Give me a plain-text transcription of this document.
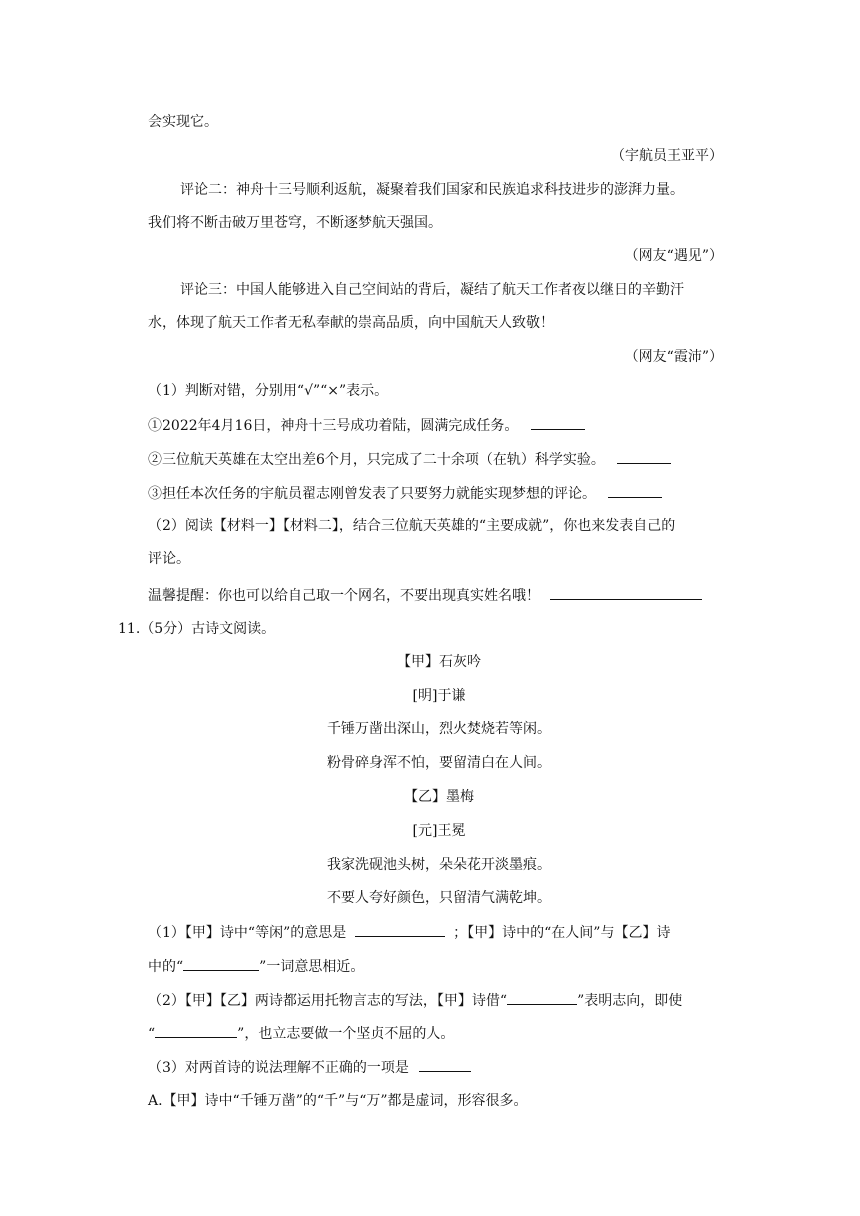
会实现它。
（宇航员王亚平）
评论二：神舟十三号顺利返航，凝聚着我们国家和民族追求科技进步的澎湃力量。
我们将不断击破万里苍穹，不断逐梦航天强国。
（网友“遇见”）
评论三：中国人能够进入自己空间站的背后，凝结了航天工作者夜以继日的辛勤汗
水，体现了航天工作者无私奉献的崇高品质，向中国航天人致敬！
（网友“霞沛”）
（1）判断对错，分别用“√”“×”表示。
①2022年4月16日，神舟十三号成功着陆，圆满完成任务。
②三位航天英雄在太空出差6个月，只完成了二十余项（在轨）科学实验。
③担任本次任务的宇航员翟志刚曾发表了只要努力就能实现梦想的评论。
（2）阅读【材料一】【材料二】，结合三位航天英雄的“主要成就”，你也来发表自己的
评论。
温馨提醒：你也可以给自己取一个网名，不要出现真实姓名哦！
11.（5分）古诗文阅读。
【甲】石灰吟
[明]于谦
千锤万凿出深山，烈火焚烧若等闲。
粉骨碎身浑不怕，要留清白在人间。
【乙】墨梅
[元]王冕
我家洗砚池头树，朵朵花开淡墨痕。
不要人夸好颜色，只留清气满乾坤。
（1）【甲】诗中“等闲”的意思是	；【甲】诗中的“在人间”与【乙】诗
中的“	”一词意思相近。
（2）【甲】【乙】两诗都运用托物言志的写法，【甲】诗借“	”表明志向，即使
“	”，也立志要做一个坚贞不屈的人。
（3）对两首诗的说法理解不正确的一项是
A.【甲】诗中“千锤万凿”的“千”与“万”都是虚词，形容很多。
